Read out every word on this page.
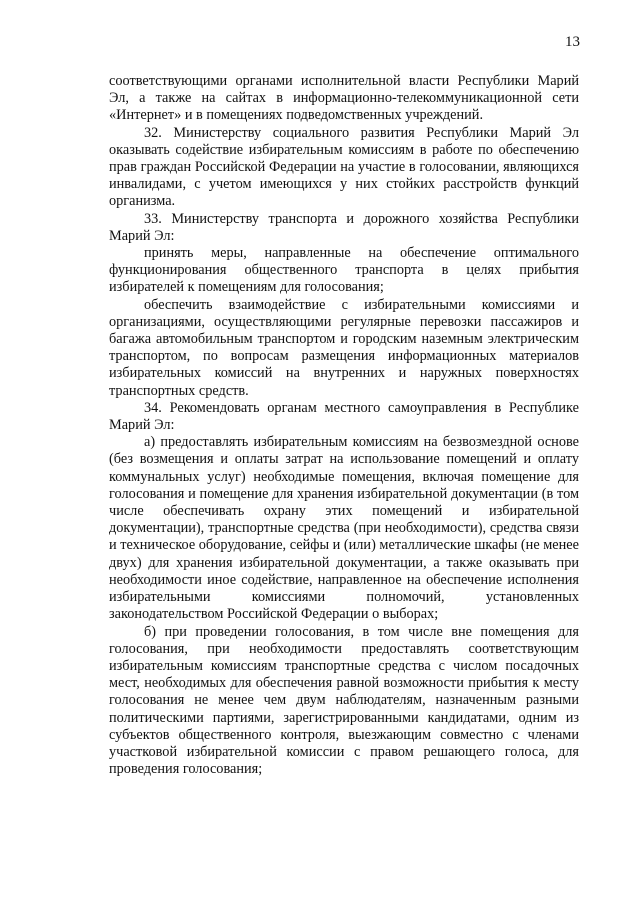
13

соответствующими органами исполнительной власти Республики Марий Эл, а также на сайтах в информационно-телекоммуникационной сети «Интернет» и в помещениях подведомственных учреждений.

32. Министерству социального развития Республики Марий Эл оказывать содействие избирательным комиссиям в работе по обеспечению прав граждан Российской Федерации на участие в голосовании, являющихся инвалидами, с учетом имеющихся у них стойких расстройств функций организма.

33. Министерству транспорта и дорожного хозяйства Республики Марий Эл:

принять меры, направленные на обеспечение оптимального функционирования общественного транспорта в целях прибытия избирателей к помещениям для голосования;

обеспечить взаимодействие с избирательными комиссиями и организациями, осуществляющими регулярные перевозки пассажиров и багажа автомобильным транспортом и городским наземным электрическим транспортом, по вопросам размещения информационных материалов избирательных комиссий на внутренних и наружных поверхностях транспортных средств.

34. Рекомендовать органам местного самоуправления в Республике Марий Эл:

а) предоставлять избирательным комиссиям на безвозмездной основе (без возмещения и оплаты затрат на использование помещений и оплату коммунальных услуг) необходимые помещения, включая помещение для голосования и помещение для хранения избирательной документации (в том числе обеспечивать охрану этих помещений и избирательной документации), транспортные средства (при необходимости), средства связи и техническое оборудование, сейфы и (или) металлические шкафы (не менее двух) для хранения избирательной документации, а также оказывать при необходимости иное содействие, направленное на обеспечение исполнения избирательными комиссиями полномочий, установленных законодательством Российской Федерации о выборах;

б) при проведении голосования, в том числе вне помещения для голосования, при необходимости предоставлять соответствующим избирательным комиссиям транспортные средства с числом посадочных мест, необходимых для обеспечения равной возможности прибытия к месту голосования не менее чем двум наблюдателям, назначенным разными политическими партиями, зарегистрированными кандидатами, одним из субъектов общественного контроля, выезжающим совместно с членами участковой избирательной комиссии с правом решающего голоса, для проведения голосования;
